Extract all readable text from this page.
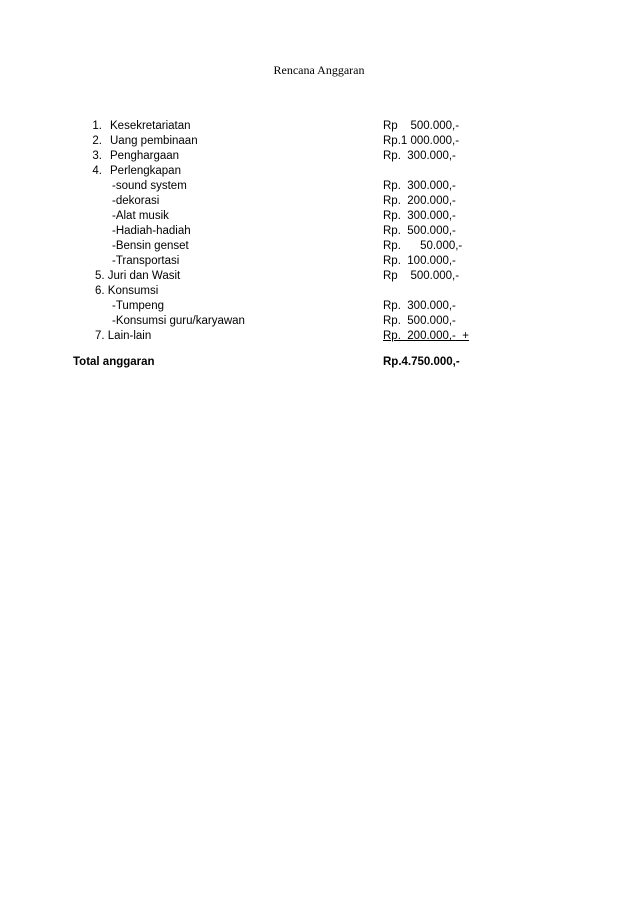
Rencana Anggaran
1. Kesekretariatan	Rp    500.000,-
2. Uang pembinaan	Rp.1 000.000,-
3. Penghargaan	Rp.  300.000,-
4. Perlengkapan
-sound system	Rp.  300.000,-
-dekorasi	Rp.  200.000,-
-Alat musik	Rp.  300.000,-
-Hadiah-hadiah	Rp.  500.000,-
-Bensin genset	Rp.      50.000,-
-Transportasi	Rp.  100.000,-
5. Juri dan Wasit	Rp    500.000,-
6. Konsumsi
-Tumpeng	Rp.  300.000,-
-Konsumsi guru/karyawan	Rp.  500.000,-
7. Lain-lain	Rp.  200.000,-  +
Total anggaran	Rp.4.750.000,-
